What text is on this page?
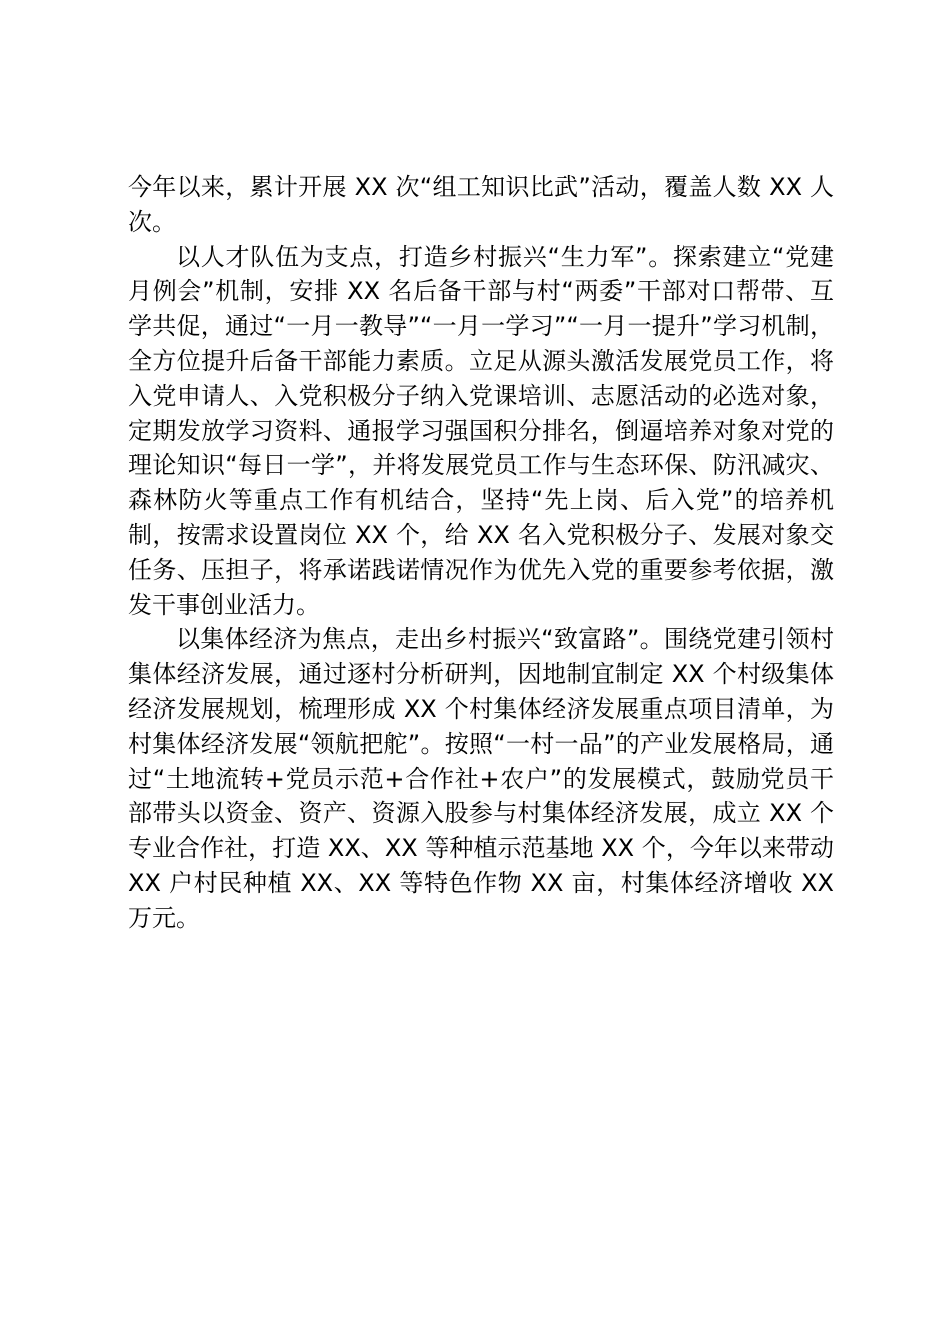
今年以来，累计开展 XX 次“组工知识比武”活动，覆盖人数 XX 人次。

以人才队伍为支点，打造乡村振兴“生力军”。探索建立“党建月例会”机制，安排 XX 名后备干部与村“两委”干部对口帮带、互学共促，通过“一月一教导”“一月一学习”“一月一提升”学习机制，全方位提升后备干部能力素质。立足从源头激活发展党员工作，将入党申请人、入党积极分子纳入党课培训、志愿活动的必选对象，定期发放学习资料、通报学习强国积分排名，倒逼培养对象对党的理论知识“每日一学”，并将发展党员工作与生态环保、防汛减灾、森林防火等重点工作有机结合，坚持“先上岗、后入党”的培养机制，按需求设置岗位 XX 个，给 XX 名入党积极分子、发展对象交任务、压担子，将承诺践诺情况作为优先入党的重要参考依据，激发干事创业活力。

以集体经济为焦点，走出乡村振兴“致富路”。围绕党建引领村集体经济发展，通过逐村分析研判，因地制宜制定 XX 个村级集体经济发展规划，梳理形成 XX 个村集体经济发展重点项目清单，为村集体经济发展“领航把舵”。按照“一村一品”的产业发展格局，通过“土地流转+党员示范+合作社+农户”的发展模式，鼓励党员干部带头以资金、资产、资源入股参与村集体经济发展，成立 XX 个专业合作社，打造 XX、XX 等种植示范基地 XX 个，今年以来带动 XX 户村民种植 XX、XX 等特色作物 XX 亩，村集体经济增收 XX 万元。
